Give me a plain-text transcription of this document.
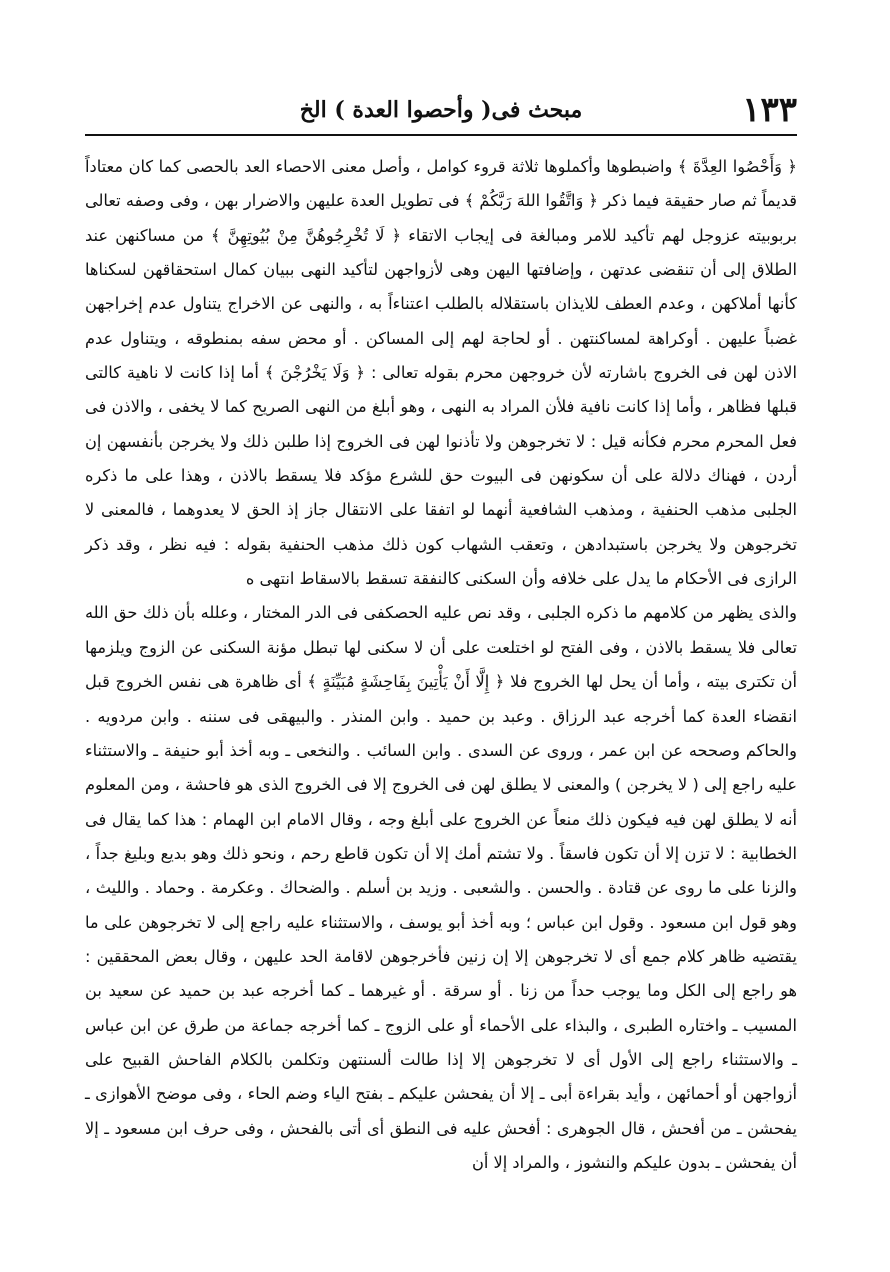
١٣٣
مبحث فى( وأحصوا العدة ) الخ

﴿ وَأَحْصُوا العِدَّةَ ﴾ واضبطوها وأكملوها ثلاثة قروء كوامل ، وأصل معنى الاحصاء العد بالحصى كما كان معتاداً قديماً ثم صار حقيقة فيما ذكر ﴿ وَاتَّقُوا اللهَ رَبَّكُمْ ﴾ فى تطويل العدة عليهن والاضرار بهن ، وفى وصفه تعالى بربوبيته عزوجل لهم تأكيد للامر ومبالغة فى إيجاب الاتقاء ﴿ لَا تُخْرِجُوهُنَّ مِنْ بُيُوتِهِنَّ ﴾ من مساكنهن عند الطلاق إلى أن تنقضى عدتهن ، وإضافتها اليهن وهى لأزواجهن لتأكيد النهى ببيان كمال استحقاقهن لسكناها كأنها أملاكهن ، وعدم العطف للايذان باستقلاله بالطلب اعتناءاً به ، والنهى عن الاخراج يتناول عدم إخراجهن غضباً عليهن . أوكراهة لمساكنتهن . أو لحاجة لهم إلى المساكن . أو محض سفه بمنطوقه ، ويتناول عدم الاذن لهن فى الخروج باشارته لأن خروجهن محرم بقوله تعالى : ﴿ وَلَا يَخْرُجْنَ ﴾ أما إذا كانت لا ناهية كالتى قبلها فظاهر ، وأما إذا كانت نافية فلأن المراد به النهى ، وهو أبلغ من النهى الصريح كما لا يخفى ، والاذن فى فعل المحرم محرم فكأنه قيل : لا تخرجوهن ولا تأذنوا لهن فى الخروج إذا طلبن ذلك ولا يخرجن بأنفسهن إن أردن ، فهناك دلالة على أن سكونهن فى البيوت حق للشرع مؤكد فلا يسقط بالاذن ، وهذا على ما ذكره الجلبى مذهب الحنفية ، ومذهب الشافعية أنهما لو اتفقا على الانتقال جاز إذ الحق لا يعدوهما ، فالمعنى لا تخرجوهن ولا يخرجن باستبدادهن ، وتعقب الشهاب كون ذلك مذهب الحنفية بقوله : فيه نظر ، وقد ذكر الرازى فى الأحكام ما يدل على خلافه وأن السكنى كالنفقة تسقط بالاسقاط انتهى ه

والذى يظهر من كلامهم ما ذكره الجلبى ، وقد نص عليه الحصكفى فى الدر المختار ، وعلله بأن ذلك حق الله تعالى فلا يسقط بالاذن ، وفى الفتح لو اختلعت على أن لا سكنى لها تبطل مؤنة السكنى عن الزوج ويلزمها أن تكترى بيته ، وأما أن يحل لها الخروج فلا ﴿ إِلَّا أَنْ يَأْتِينَ بِفَاحِشَةٍ مُبَيِّنَةٍ ﴾ أى ظاهرة هى نفس الخروج قبل انقضاء العدة كما أخرجه عبد الرزاق . وعبد بن حميد . وابن المنذر . والبيهقى فى سننه . وابن مردويه . والحاكم وصححه عن ابن عمر ، وروى عن السدى . وابن السائب . والنخعى ـ وبه أخذ أبو حنيفة ـ والاستثناء عليه راجع إلى ( لا يخرجن ) والمعنى لا يطلق لهن فى الخروج إلا فى الخروج الذى هو فاحشة ، ومن المعلوم أنه لا يطلق لهن فيه فيكون ذلك منعاً عن الخروج على أبلغ وجه ، وقال الامام ابن الهمام : هذا كما يقال فى الخطابية : لا تزن إلا أن تكون فاسقاً . ولا تشتم أمك إلا أن تكون قاطع رحم ، ونحو ذلك وهو بديع وبليغ جداً ، والزنا على ما روى عن قتادة . والحسن . والشعبى . وزيد بن أسلم . والضحاك . وعكرمة . وحماد . والليث ، وهو قول ابن مسعود . وقول ابن عباس ؛ وبه أخذ أبو يوسف ، والاستثناء عليه راجع إلى لا تخرجوهن على ما يقتضيه ظاهر كلام جمع أى لا تخرجوهن إلا إن زنين فأخرجوهن لاقامة الحد عليهن ، وقال بعض المحققين : هو راجع إلى الكل وما يوجب حداً من زنا . أو سرقة . أو غيرهما ـ كما أخرجه عبد بن حميد عن سعيد بن المسيب ـ واختاره الطبرى ، والبذاء على الأحماء أو على الزوج ـ كما أخرجه جماعة من طرق عن ابن عباس ـ والاستثناء راجع إلى الأول أى لا تخرجوهن إلا إذا طالت ألسنتهن وتكلمن بالكلام الفاحش القبيح على أزواجهن أو أحمائهن ، وأيد بقراءة أبى ـ إلا أن يفحشن عليكم ـ بفتح الياء وضم الحاء ، وفى موضح الأهوازى ـ يفحشن ـ من أفحش ، قال الجوهرى : أفحش عليه فى النطق أى أتى بالفحش ، وفى حرف ابن مسعود ـ إلا أن يفحشن ـ بدون عليكم والنشوز ، والمراد إلا أن
